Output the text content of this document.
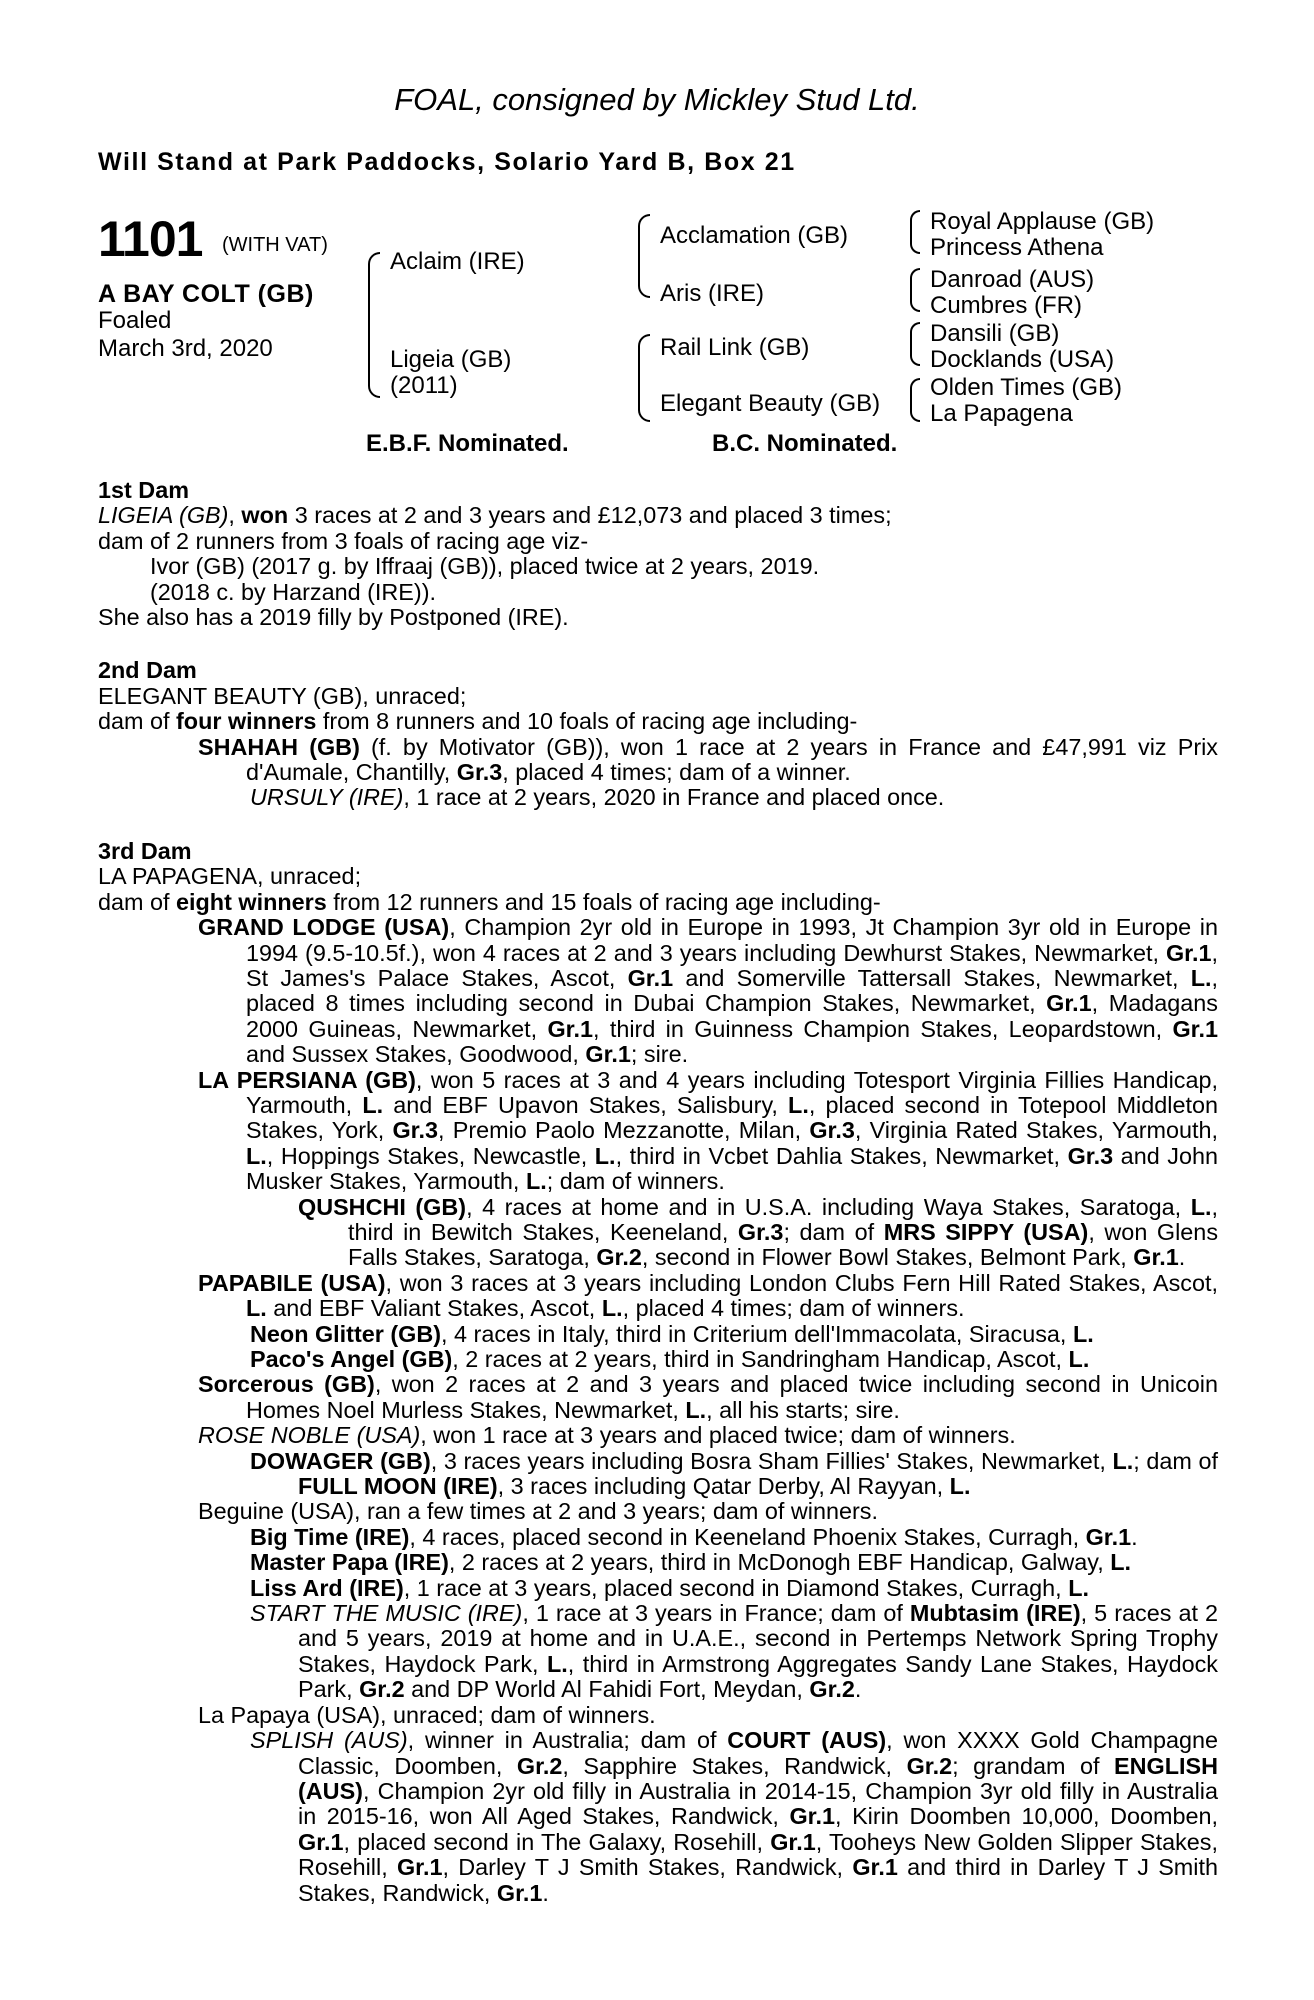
FOAL, consigned by Mickley Stud Ltd.
Will Stand at Park Paddocks, Solario Yard B, Box 21
1101 (WITH VAT)
A BAY COLT (GB)
Foaled
March 3rd, 2020
Aclaim (IRE)
Ligeia (GB)
(2011)
Acclamation (GB)
Aris (IRE)
Rail Link (GB)
Elegant Beauty (GB)
Royal Applause (GB)
Princess Athena
Danroad (AUS)
Cumbres (FR)
Dansili (GB)
Docklands (USA)
Olden Times (GB)
La Papagena
E.B.F. Nominated.	B.C. Nominated.

1st Dam

LIGEIA (GB), won 3 races at 2 and 3 years and £12,073 and placed 3 times;

dam of 2 runners from 3 foals of racing age viz-

Ivor (GB) (2017 g. by Iffraaj (GB)), placed twice at 2 years, 2019.

(2018 c. by Harzand (IRE)).

She also has a 2019 filly by Postponed (IRE).

2nd Dam

ELEGANT BEAUTY (GB), unraced;

dam of four winners from 8 runners and 10 foals of racing age including-

SHAHAH (GB) (f. by Motivator (GB)), won 1 race at 2 years in France and £47,991 viz Prix d'Aumale, Chantilly, Gr.3, placed 4 times; dam of a winner.

URSULY (IRE), 1 race at 2 years, 2020 in France and placed once.

3rd Dam

LA PAPAGENA, unraced;

dam of eight winners from 12 runners and 15 foals of racing age including-

GRAND LODGE (USA), Champion 2yr old in Europe in 1993, Jt Champion 3yr old in Europe in 1994 (9.5-10.5f.), won 4 races at 2 and 3 years including Dewhurst Stakes, Newmarket, Gr.1, St James's Palace Stakes, Ascot, Gr.1 and Somerville Tattersall Stakes, Newmarket, L., placed 8 times including second in Dubai Champion Stakes, Newmarket, Gr.1, Madagans 2000 Guineas, Newmarket, Gr.1, third in Guinness Champion Stakes, Leopardstown, Gr.1 and Sussex Stakes, Goodwood, Gr.1; sire.

LA PERSIANA (GB), won 5 races at 3 and 4 years including Totesport Virginia Fillies Handicap, Yarmouth, L. and EBF Upavon Stakes, Salisbury, L., placed second in Totepool Middleton Stakes, York, Gr.3, Premio Paolo Mezzanotte, Milan, Gr.3, Virginia Rated Stakes, Yarmouth, L., Hoppings Stakes, Newcastle, L., third in Vcbet Dahlia Stakes, Newmarket, Gr.3 and John Musker Stakes, Yarmouth, L.; dam of winners.

QUSHCHI (GB), 4 races at home and in U.S.A. including Waya Stakes, Saratoga, L., third in Bewitch Stakes, Keeneland, Gr.3; dam of MRS SIPPY (USA), won Glens Falls Stakes, Saratoga, Gr.2, second in Flower Bowl Stakes, Belmont Park, Gr.1.

PAPABILE (USA), won 3 races at 3 years including London Clubs Fern Hill Rated Stakes, Ascot, L. and EBF Valiant Stakes, Ascot, L., placed 4 times; dam of winners.

Neon Glitter (GB), 4 races in Italy, third in Criterium dell'Immacolata, Siracusa, L.

Paco's Angel (GB), 2 races at 2 years, third in Sandringham Handicap, Ascot, L.

Sorcerous (GB), won 2 races at 2 and 3 years and placed twice including second in Unicoin Homes Noel Murless Stakes, Newmarket, L., all his starts; sire.

ROSE NOBLE (USA), won 1 race at 3 years and placed twice; dam of winners.

DOWAGER (GB), 3 races years including Bosra Sham Fillies' Stakes, Newmarket, L.; dam of FULL MOON (IRE), 3 races including Qatar Derby, Al Rayyan, L.

Beguine (USA), ran a few times at 2 and 3 years; dam of winners.

Big Time (IRE), 4 races, placed second in Keeneland Phoenix Stakes, Curragh, Gr.1.

Master Papa (IRE), 2 races at 2 years, third in McDonogh EBF Handicap, Galway, L.

Liss Ard (IRE), 1 race at 3 years, placed second in Diamond Stakes, Curragh, L.

START THE MUSIC (IRE), 1 race at 3 years in France; dam of Mubtasim (IRE), 5 races at 2 and 5 years, 2019 at home and in U.A.E., second in Pertemps Network Spring Trophy Stakes, Haydock Park, L., third in Armstrong Aggregates Sandy Lane Stakes, Haydock Park, Gr.2 and DP World Al Fahidi Fort, Meydan, Gr.2.

La Papaya (USA), unraced; dam of winners.

SPLISH (AUS), winner in Australia; dam of COURT (AUS), won XXXX Gold Champagne Classic, Doomben, Gr.2, Sapphire Stakes, Randwick, Gr.2; grandam of ENGLISH (AUS), Champion 2yr old filly in Australia in 2014-15, Champion 3yr old filly in Australia in 2015-16, won All Aged Stakes, Randwick, Gr.1, Kirin Doomben 10,000, Doomben, Gr.1, placed second in The Galaxy, Rosehill, Gr.1, Tooheys New Golden Slipper Stakes, Rosehill, Gr.1, Darley T J Smith Stakes, Randwick, Gr.1 and third in Darley T J Smith Stakes, Randwick, Gr.1.
